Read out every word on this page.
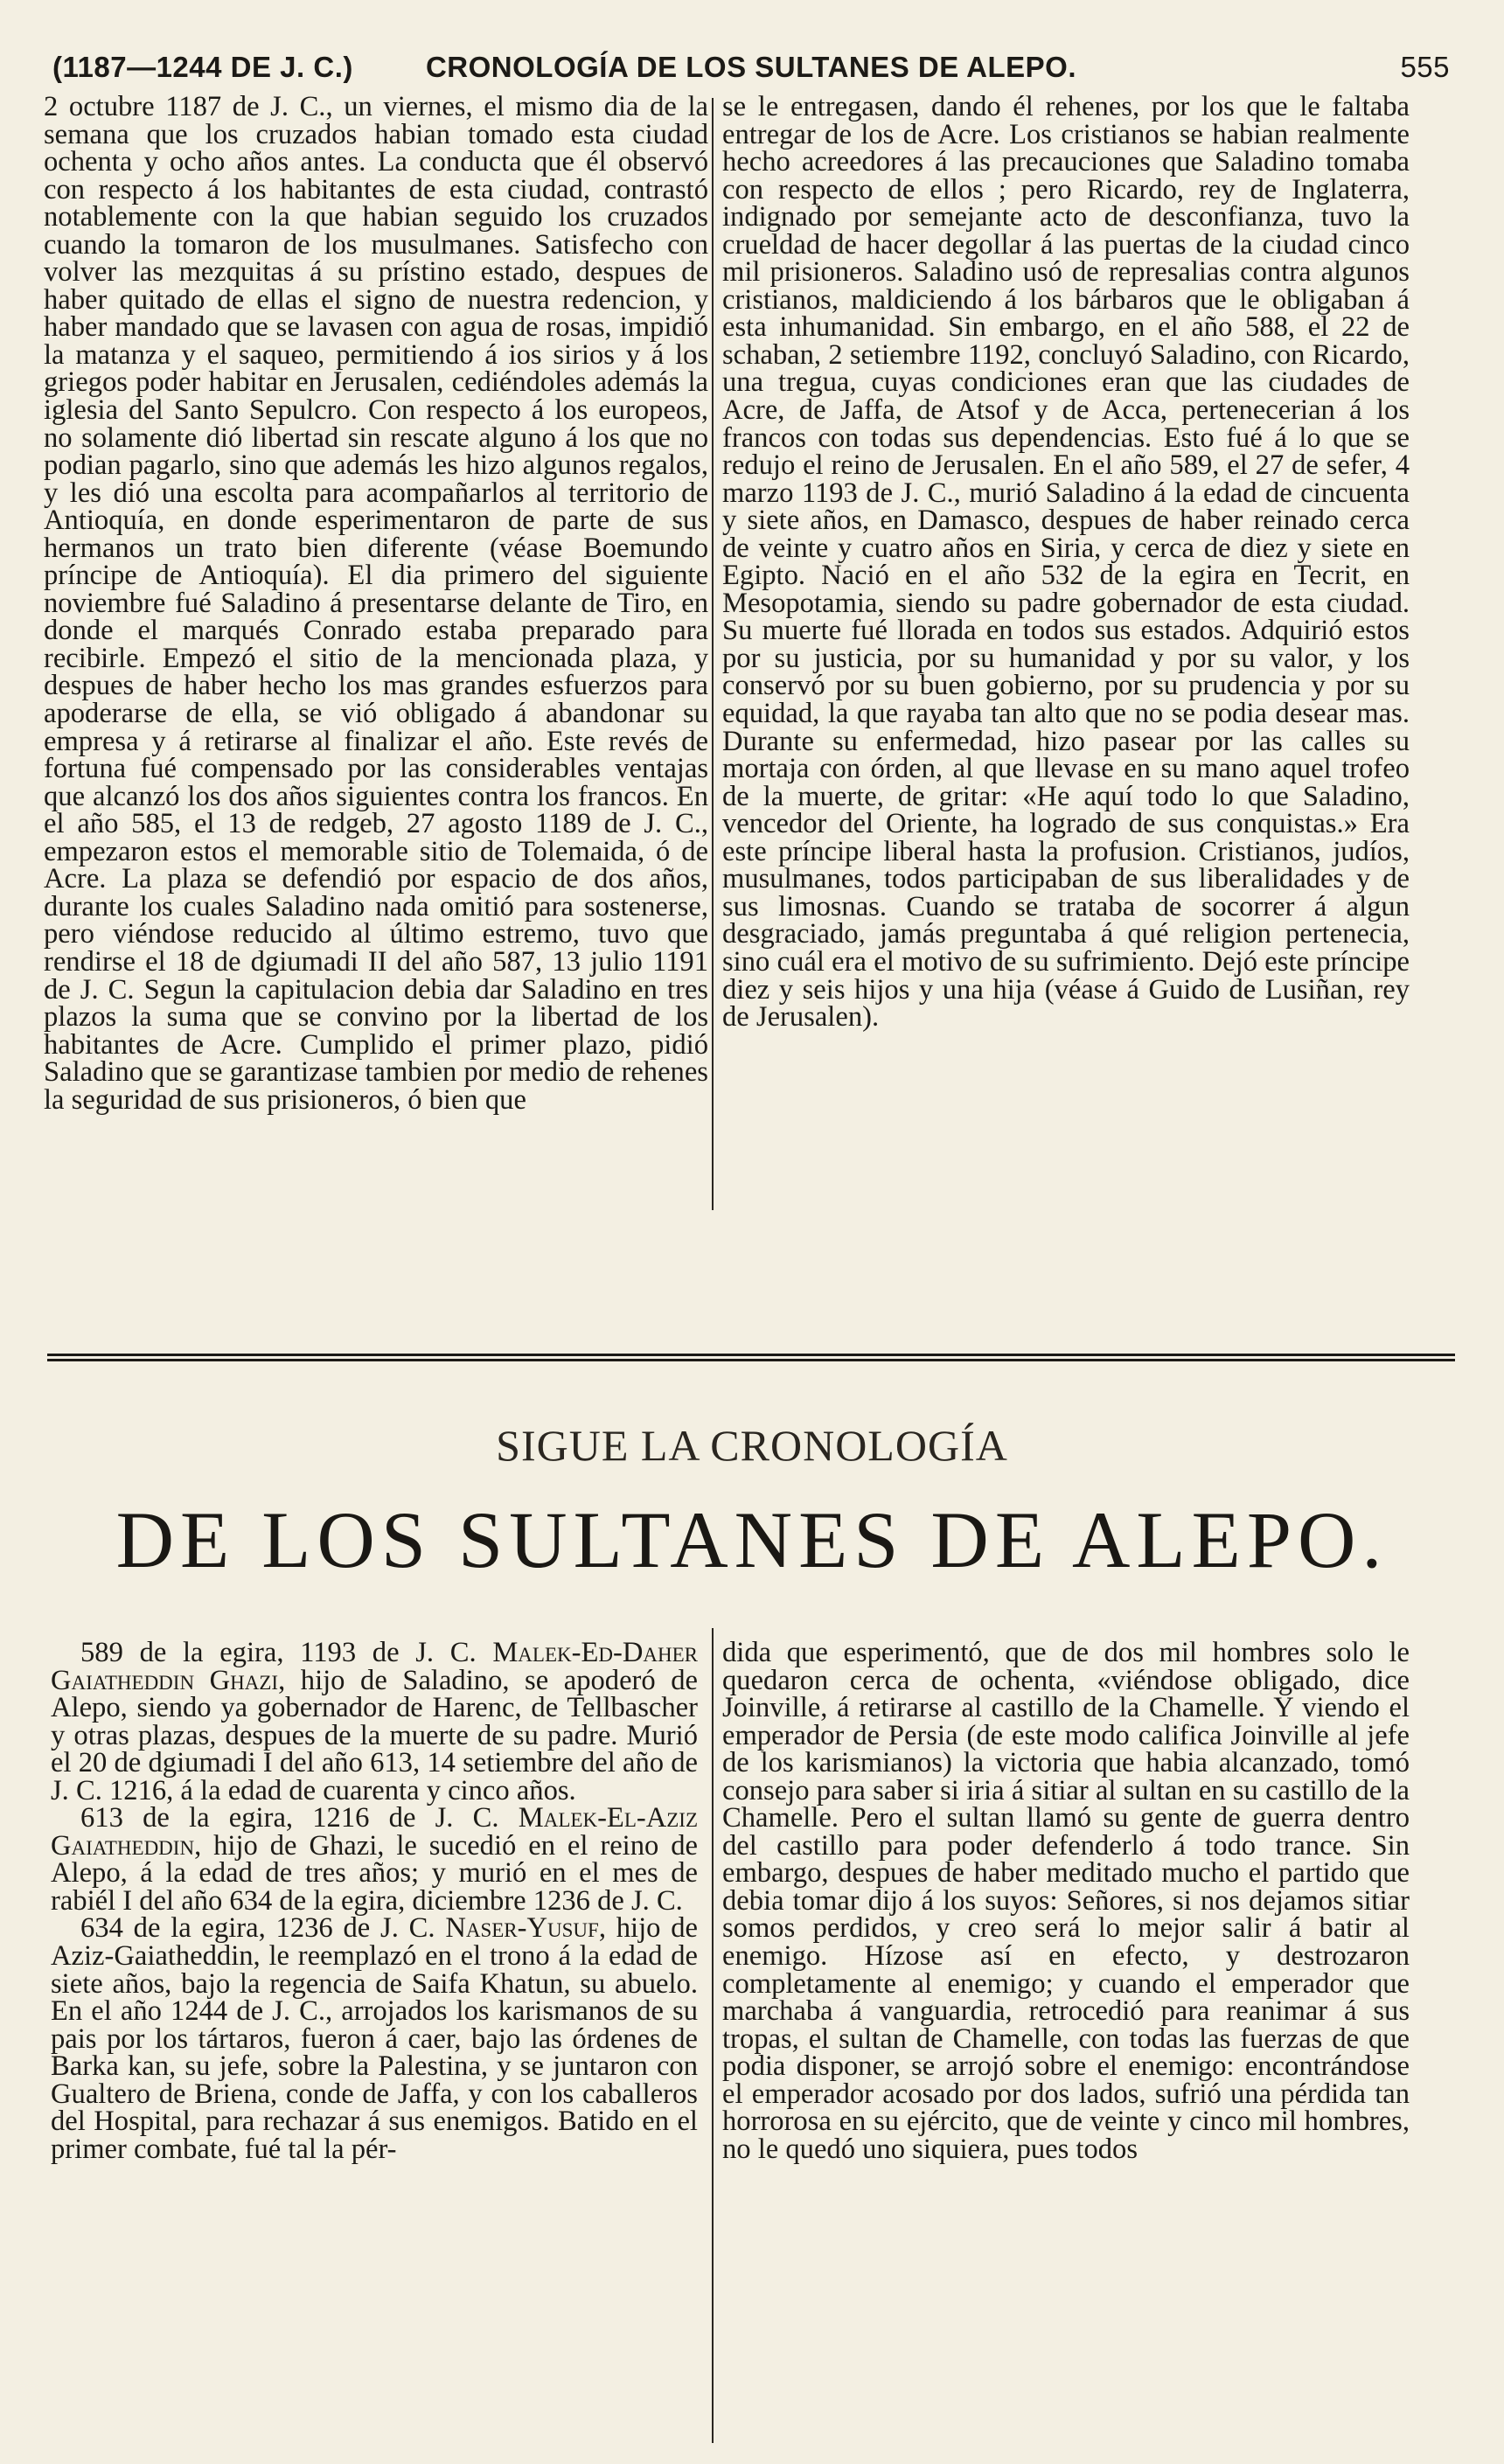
(1187—1244 DE J. C.)	CRONOLOGÍA DE LOS SULTANES DE ALEPO.	555

2 octubre 1187 de J. C., un viernes, el mismo dia de la semana que los cruzados habian tomado esta ciudad ochenta y ocho años antes. La conducta que él observó con respecto á los habitantes de esta ciudad, contrastó notablemente con la que habian seguido los cruzados cuando la tomaron de los musulmanes. Satisfecho con volver las mezquitas á su prístino estado, despues de haber quitado de ellas el signo de nuestra redencion, y haber mandado que se lavasen con agua de rosas, impidió la matanza y el saqueo, permitiendo á ios sirios y á los griegos poder habitar en Jerusalen, cediéndoles además la iglesia del Santo Sepulcro. Con respecto á los europeos, no solamente dió libertad sin rescate alguno á los que no podian pagarlo, sino que además les hizo algunos regalos, y les dió una escolta para acompañarlos al territorio de Antioquía, en donde esperimentaron de parte de sus hermanos un trato bien diferente (véase Boemundo príncipe de Antioquía). El dia primero del siguiente noviembre fué Saladino á presentarse delante de Tiro, en donde el marqués Conrado estaba preparado para recibirle. Empezó el sitio de la mencionada plaza, y despues de haber hecho los mas grandes esfuerzos para apoderarse de ella, se vió obligado á abandonar su empresa y á retirarse al finalizar el año. Este revés de fortuna fué compensado por las considerables ventajas que alcanzó los dos años siguientes contra los francos. En el año 585, el 13 de redgeb, 27 agosto 1189 de J. C., empezaron estos el memorable sitio de Tolemaida, ó de Acre. La plaza se defendió por espacio de dos años, durante los cuales Saladino nada omitió para sostenerse, pero viéndose reducido al último estremo, tuvo que rendirse el 18 de dgiumadi II del año 587, 13 julio 1191 de J. C. Segun la capitulacion debia dar Saladino en tres plazos la suma que se convino por la libertad de los habitantes de Acre. Cumplido el primer plazo, pidió Saladino que se garantizase tambien por medio de rehenes la seguridad de sus prisioneros, ó bien que

se le entregasen, dando él rehenes, por los que le faltaba entregar de los de Acre. Los cristianos se habian realmente hecho acreedores á las precauciones que Saladino tomaba con respecto de ellos ; pero Ricardo, rey de Inglaterra, indignado por semejante acto de desconfianza, tuvo la crueldad de hacer degollar á las puertas de la ciudad cinco mil prisioneros. Saladino usó de represalias contra algunos cristianos, maldiciendo á los bárbaros que le obligaban á esta inhumanidad. Sin embargo, en el año 588, el 22 de schaban, 2 setiembre 1192, concluyó Saladino, con Ricardo, una tregua, cuyas condiciones eran que las ciudades de Acre, de Jaffa, de Atsof y de Acca, pertenecerian á los francos con todas sus dependencias. Esto fué á lo que se redujo el reino de Jerusalen. En el año 589, el 27 de sefer, 4 marzo 1193 de J. C., murió Saladino á la edad de cincuenta y siete años, en Damasco, despues de haber reinado cerca de veinte y cuatro años en Siria, y cerca de diez y siete en Egipto. Nació en el año 532 de la egira en Tecrit, en Mesopotamia, siendo su padre gobernador de esta ciudad. Su muerte fué llorada en todos sus estados. Adquirió estos por su justicia, por su humanidad y por su valor, y los conservó por su buen gobierno, por su prudencia y por su equidad, la que rayaba tan alto que no se podia desear mas. Durante su enfermedad, hizo pasear por las calles su mortaja con órden, al que llevase en su mano aquel trofeo de la muerte, de gritar: «He aquí todo lo que Saladino, vencedor del Oriente, ha logrado de sus conquistas.» Era este príncipe liberal hasta la profusion. Cristianos, judíos, musulmanes, todos participaban de sus liberalidades y de sus limosnas. Cuando se trataba de socorrer á algun desgraciado, jamás preguntaba á qué religion pertenecia, sino cuál era el motivo de su sufrimiento. Dejó este príncipe diez y seis hijos y una hija (véase á Guido de Lusiñan, rey de Jerusalen).

SIGUE LA CRONOLOGÍA
DE LOS SULTANES DE ALEPO.

589 de la egira, 1193 de J. C. Malek-Ed-Daher Gaiatheddin Ghazi, hijo de Saladino, se apoderó de Alepo, siendo ya gobernador de Harenc, de Tellbascher y otras plazas, despues de la muerte de su padre. Murió el 20 de dgiumadi I del año 613, 14 setiembre del año de J. C. 1216, á la edad de cuarenta y cinco años.

613 de la egira, 1216 de J. C. Malek-El-Aziz Gaiatheddin, hijo de Ghazi, le sucedió en el reino de Alepo, á la edad de tres años; y murió en el mes de rabiél I del año 634 de la egira, diciembre 1236 de J. C.

634 de la egira, 1236 de J. C. Naser-Yusuf, hijo de Aziz-Gaiatheddin, le reemplazó en el trono á la edad de siete años, bajo la regencia de Saifa Khatun, su abuelo. En el año 1244 de J. C., arrojados los karismanos de su pais por los tártaros, fueron á caer, bajo las órdenes de Barka kan, su jefe, sobre la Palestina, y se juntaron con Gualtero de Briena, conde de Jaffa, y con los caballeros del Hospital, para rechazar á sus enemigos. Batido en el primer combate, fué tal la pér-

dida que esperimentó, que de dos mil hombres solo le quedaron cerca de ochenta, «viéndose obligado, dice Joinville, á retirarse al castillo de la Chamelle. Y viendo el emperador de Persia (de este modo califica Joinville al jefe de los karismianos) la victoria que habia alcanzado, tomó consejo para saber si iria á sitiar al sultan en su castillo de la Chamelle. Pero el sultan llamó su gente de guerra dentro del castillo para poder defenderlo á todo trance. Sin embargo, despues de haber meditado mucho el partido que debia tomar dijo á los suyos: Señores, si nos dejamos sitiar somos perdidos, y creo será lo mejor salir á batir al enemigo. Hízose así en efecto, y destrozaron completamente al enemigo; y cuando el emperador que marchaba á vanguardia, retrocedió para reanimar á sus tropas, el sultan de Chamelle, con todas las fuerzas de que podia disponer, se arrojó sobre el enemigo: encontrándose el emperador acosado por dos lados, sufrió una pérdida tan horrorosa en su ejército, que de veinte y cinco mil hombres, no le quedó uno siquiera, pues todos
